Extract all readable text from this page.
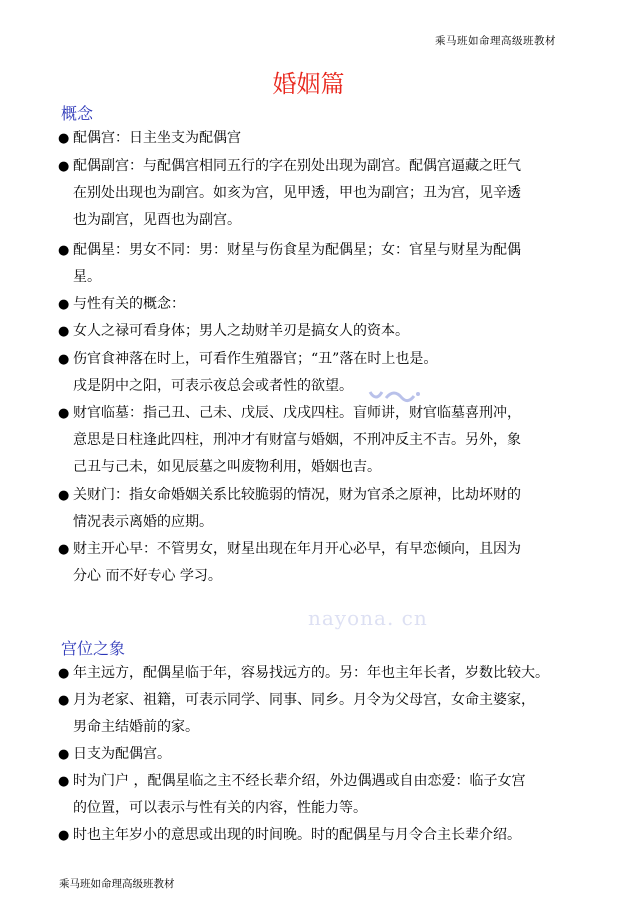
乘马班如命理高级班教材
婚姻篇
概念
● 配偶宫：日主坐支为配偶宫
● 配偶副宫：与配偶宫相同五行的字在别处出现为副宫。配偶宫逼藏之旺气
在别处出现也为副宫。如亥为宫，见甲透，甲也为副宫；丑为宫，见辛透
也为副宫，见酉也为副宫。
● 配偶星：男女不同：男：财星与伤食星为配偶星；女：官星与财星为配偶
星。
● 与性有关的概念：
● 女人之禄可看身体；男人之劫财羊刃是搞女人的资本。
● 伤官食神落在时上，可看作生殖器官；“丑”落在时上也是。
戌是阴中之阳，可表示夜总会或者性的欲望。
● 财官临墓：指己丑、己未、戊辰、戊戌四柱。盲师讲，财官临墓喜刑冲，
意思是日柱逢此四柱，刑冲才有财富与婚姻，不刑冲反主不吉。另外，象
己丑与己未，如见辰墓之叫废物利用，婚姻也吉。
● 关财门：指女命婚姻关系比较脆弱的情况，财为官杀之原神，比劫坏财的
情况表示离婚的应期。
● 财主开心早：不管男女，财星出现在年月开心必早，有早恋倾向，且因为
分心 而不好专心 学习。
宫位之象
● 年主远方，配偶星临于年，容易找远方的。另：年也主年长者，岁数比较大。
● 月为老家、祖籍，可表示同学、同事、同乡。月令为父母宫，女命主婆家，
男命主结婚前的家。
● 日支为配偶宫。
● 时为门户 ，配偶星临之主不经长辈介绍，外边偶遇或自由恋爱：临子女宫
的位置，可以表示与性有关的内容，性能力等。
● 时也主年岁小的意思或出现的时间晚。时的配偶星与月令合主长辈介绍。
nayona. cn
乘马班如命理高级班教材
